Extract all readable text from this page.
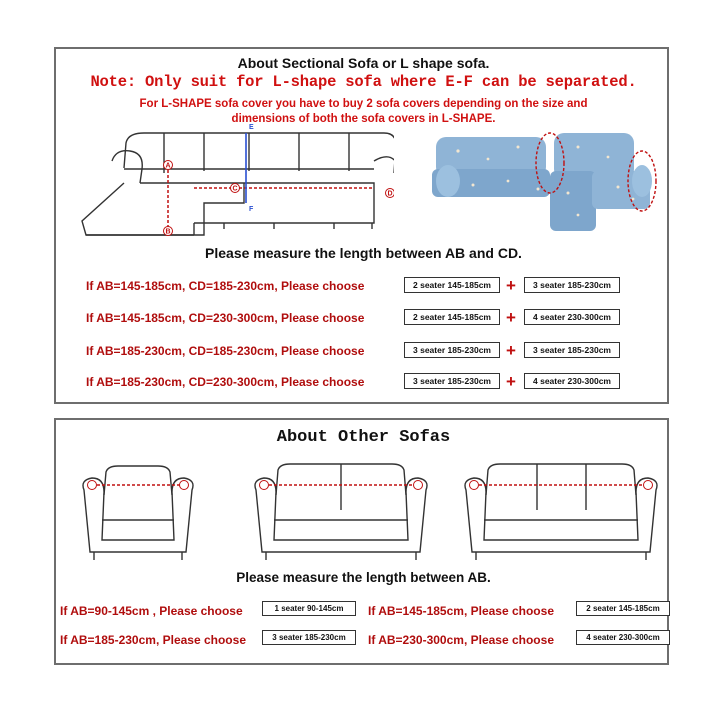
About Sectional Sofa or L shape sofa.
Note: Only suit for L-shape sofa where E-F can be separated.
For L-SHAPE sofa cover you have to buy 2 sofa covers depending on the size and
dimensions of both the sofa covers in L-SHAPE.
A
B
C
D
E
F
Please measure the length between AB and CD.
If AB=145-185cm, CD=185-230cm, Please choose	2 seater 145-185cm +	3 seater 185-230cm
If AB=145-185cm, CD=230-300cm, Please choose	2 seater 145-185cm +	4 seater 230-300cm
If AB=185-230cm, CD=185-230cm, Please choose	3 seater 185-230cm +	3 seater 185-230cm
If AB=185-230cm, CD=230-300cm, Please choose	3 seater 185-230cm +	4 seater 230-300cm
About Other Sofas
Please measure the length between AB.
If AB=90-145cm , Please choose	1 seater 90-145cm	If AB=145-185cm, Please choose	2 seater 145-185cm
If AB=185-230cm, Please choose	3 seater 185-230cm	If AB=230-300cm, Please choose	4 seater 230-300cm
